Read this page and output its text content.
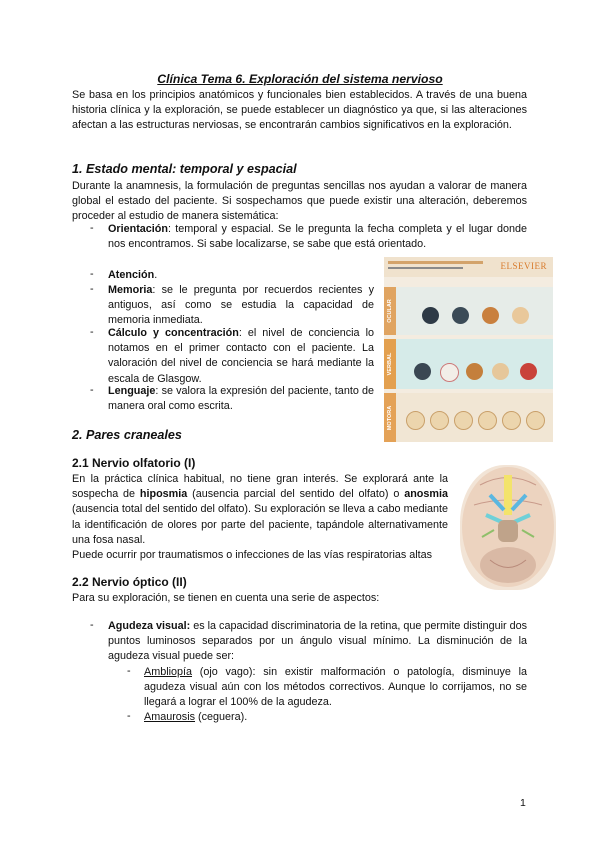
Clínica Tema 6. Exploración del sistema nervioso
Se basa en los principios anatómicos y funcionales bien establecidos. A través de una buena historia clínica y la exploración, se puede establecer un diagnóstico ya que, si las alteraciones afectan a las estructuras nerviosas, se encontrarán cambios significativos en la exploración.
1. Estado mental: temporal y espacial
Durante la anamnesis, la formulación de preguntas sencillas nos ayudan a valorar de manera global el estado del paciente. Si sospechamos que puede existir una alteración, deberemos proceder al estudio de manera sistemática:
- Orientación: temporal y espacial. Se le pregunta la fecha completa y el lugar donde nos encontramos. Si sabe localizarse, se sabe que está orientado.
- Atención.
- Memoria: se le pregunta por recuerdos recientes y antiguos, así como se estudia la capacidad de memoria inmediata.
- Cálculo y concentración: el nivel de conciencia lo notamos en el primer contacto con el paciente. La valoración del nivel de conciencia se hará mediante la escala de Glasgow.
- Lenguaje: se valora la expresión del paciente, tanto de manera oral como escrita.
ELSEVIER
OCULAR
VERBAL
MOTORA
2. Pares craneales
2.1 Nervio olfatorio (I)
En la práctica clínica habitual, no tiene gran interés. Se explorará ante la sospecha de hiposmia (ausencia parcial del sentido del olfato) o anosmia (ausencia total del sentido del olfato). Su exploración se lleva a cabo mediante la identificación de olores por parte del paciente, tapándole alternativamente una fosa nasal.
Puede ocurrir por traumatismos o infecciones de las vías respiratorias altas
2.2 Nervio óptico (II)
Para su exploración, se tienen en cuenta una serie de aspectos:
- Agudeza visual: es la capacidad discriminatoria de la retina, que permite distinguir dos puntos luminosos separados por un ángulo visual mínimo. La disminución de la agudeza visual puede ser:
- Ambliopía (ojo vago): sin existir malformación o patología, disminuye la agudeza visual aún con los métodos correctivos. Aunque lo corrijamos, no se llegará a lograr el 100% de la agudeza.
- Amaurosis (ceguera).
1
